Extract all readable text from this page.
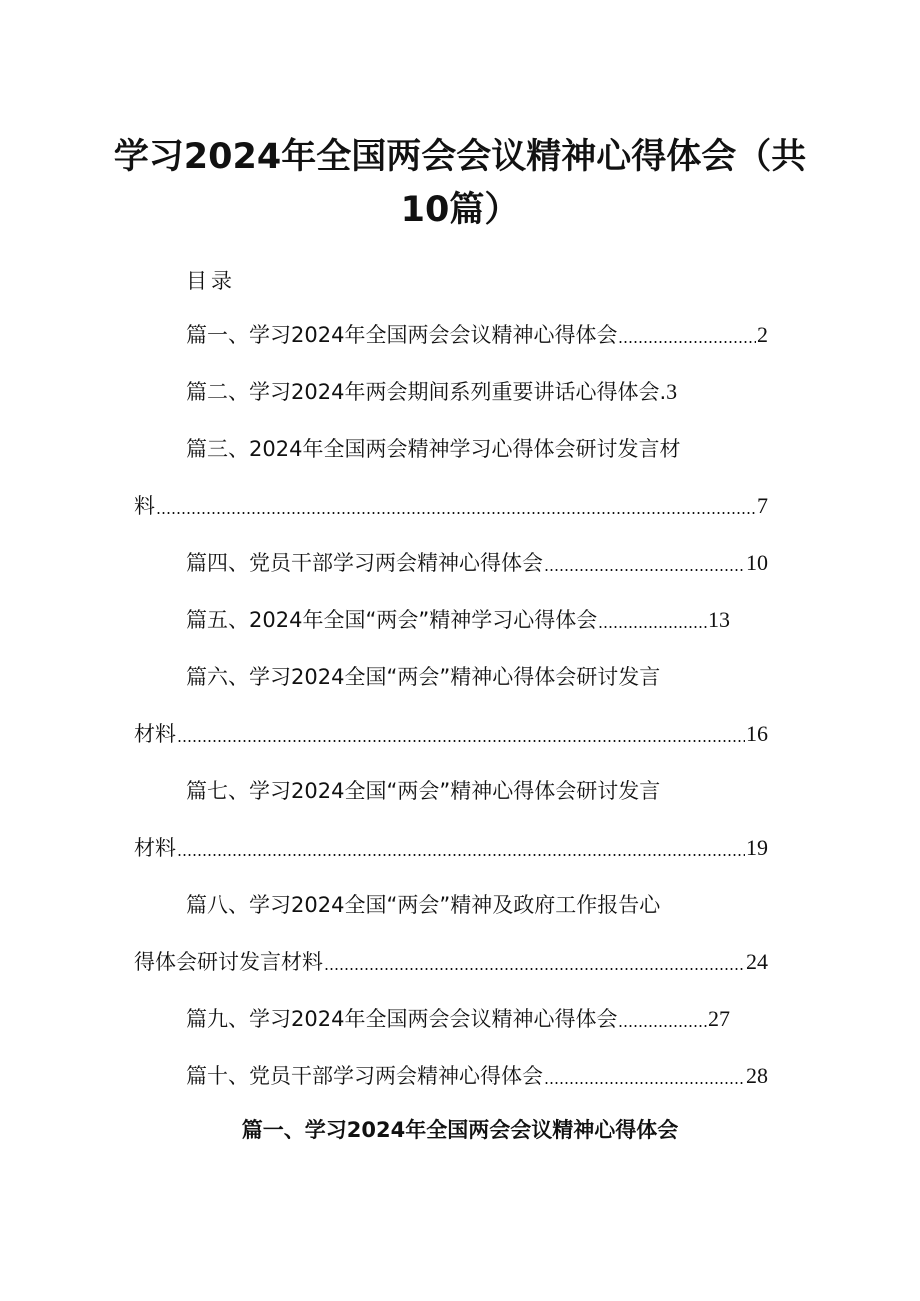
学习2024年全国两会会议精神心得体会（共
10篇）
目录
篇一、学习2024年全国两会会议精神心得体会	2
篇二、学习2024年两会期间系列重要讲话心得体会. 3
篇三、2024年全国两会精神学习心得体会研讨发言材
料	7
篇四、党员干部学习两会精神心得体会	10
篇五、2024年全国“两会”精神学习心得体会	13
篇六、学习2024全国“两会”精神心得体会研讨发言
材料	16
篇七、学习2024全国“两会”精神心得体会研讨发言
材料	19
篇八、学习2024全国“两会”精神及政府工作报告心
得体会研讨发言材料	24
篇九、学习2024年全国两会会议精神心得体会	27
篇十、党员干部学习两会精神心得体会	28
篇一、学习2024年全国两会会议精神心得体会
